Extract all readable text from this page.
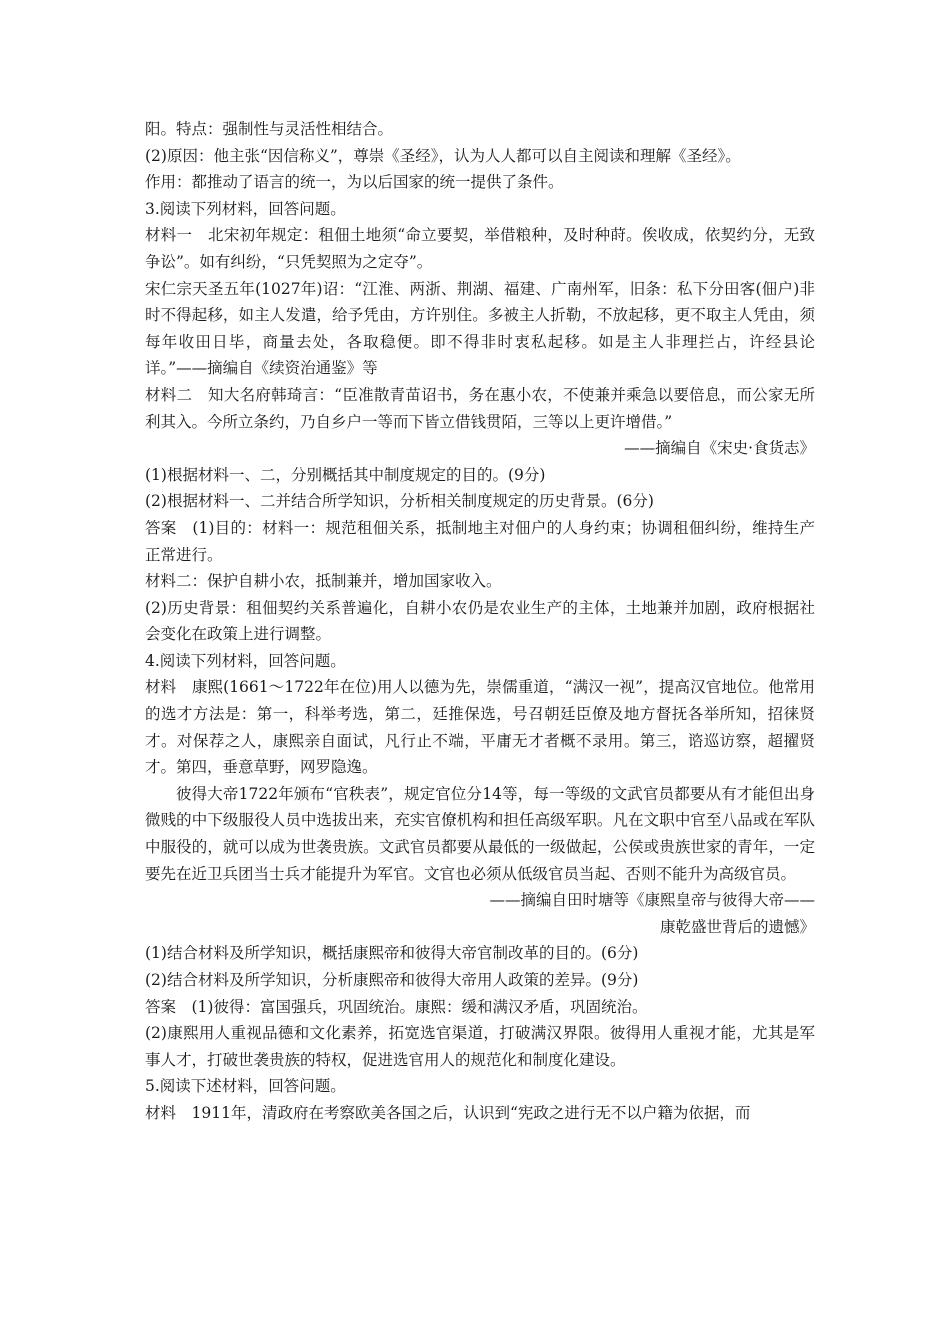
阳。特点：强制性与灵活性相结合。

(2)原因：他主张“因信称义”，尊崇《圣经》，认为人人都可以自主阅读和理解《圣经》。

作用：都推动了语言的统一，为以后国家的统一提供了条件。

3.阅读下列材料，回答问题。

材料一　北宋初年规定：租佃土地须“命立要契，举借粮种，及时种莳。俟收成，依契约分，无致争讼”。如有纠纷，“只凭契照为之定夺”。

宋仁宗天圣五年(1027年)诏：“江淮、两浙、荆湖、福建、广南州军，旧条：私下分田客(佃户)非时不得起移，如主人发遣，给予凭由，方许别住。多被主人折勒，不放起移，更不取主人凭由，须每年收田日毕，商量去处，各取稳便。即不得非时衷私起移。如是主人非理拦占，许经县论详。”——摘编自《续资治通鉴》等

材料二　知大名府韩琦言：“臣准散青苗诏书，务在惠小农，不使兼并乘急以要倍息，而公家无所利其入。今所立条约，乃自乡户一等而下皆立借钱贯陌，三等以上更许增借。”

——摘编自《宋史·食货志》

(1)根据材料一、二，分别概括其中制度规定的目的。(9分)

(2)根据材料一、二并结合所学知识，分析相关制度规定的历史背景。(6分)

答案　(1)目的：材料一：规范租佃关系，抵制地主对佃户的人身约束；协调租佃纠纷，维持生产正常进行。

材料二：保护自耕小农，抵制兼并，增加国家收入。

(2)历史背景：租佃契约关系普遍化，自耕小农仍是农业生产的主体，土地兼并加剧，政府根据社会变化在政策上进行调整。

4.阅读下列材料，回答问题。

材料　康熙(1661～1722年在位)用人以德为先，崇儒重道，“满汉一视”，提高汉官地位。他常用的选才方法是：第一，科举考选，第二，廷推保选，号召朝廷臣僚及地方督抚各举所知，招徕贤才。对保荐之人，康熙亲自面试，凡行止不端，平庸无才者概不录用。第三，谘巡访察，超擢贤才。第四，垂意草野，网罗隐逸。

彼得大帝1722年颁布“官秩表”，规定官位分14等，每一等级的文武官员都要从有才能但出身微贱的中下级服役人员中选拔出来，充实官僚机构和担任高级军职。凡在文职中官至八品或在军队中服役的，就可以成为世袭贵族。文武官员都要从最低的一级做起，公侯或贵族世家的青年，一定要先在近卫兵团当士兵才能提升为军官。文官也必须从低级官员当起、否则不能升为高级官员。

——摘编自田时塘等《康熙皇帝与彼得大帝——

康乾盛世背后的遗憾》

(1)结合材料及所学知识，概括康熙帝和彼得大帝官制改革的目的。(6分)

(2)结合材料及所学知识，分析康熙帝和彼得大帝用人政策的差异。(9分)

答案　(1)彼得：富国强兵，巩固统治。康熙：缓和满汉矛盾，巩固统治。

(2)康熙用人重视品德和文化素养，拓宽选官渠道，打破满汉界限。彼得用人重视才能，尤其是军事人才，打破世袭贵族的特权，促进选官用人的规范化和制度化建设。

5.阅读下述材料，回答问题。

材料　1911年，清政府在考察欧美各国之后，认识到“宪政之进行无不以户籍为依据，而
